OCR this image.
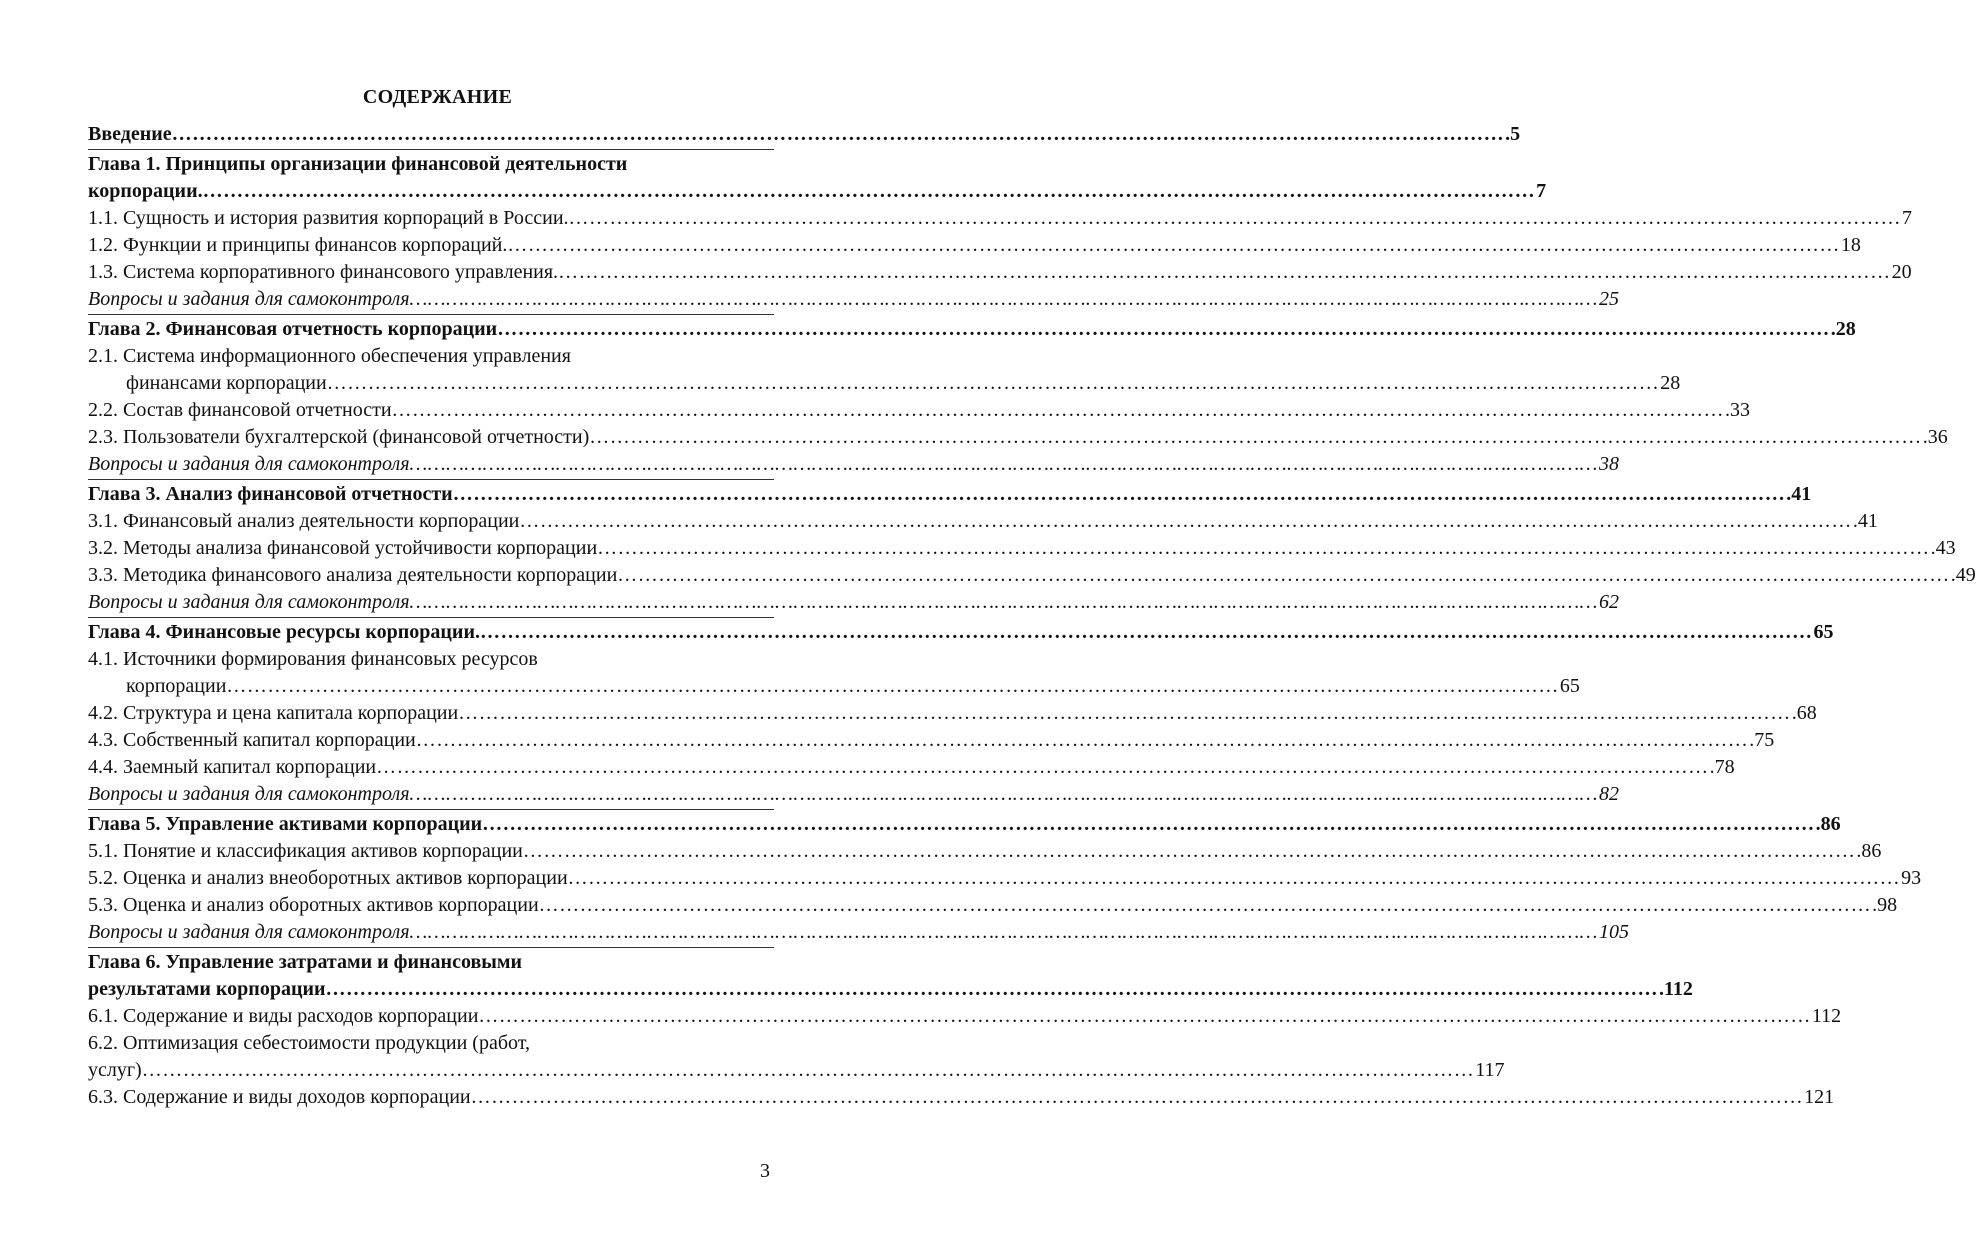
СОДЕРЖАНИЕ
Введение …………………………………………………………………………………………………………………………………………………………………………… .5
Глава 1. Принципы организации финансовой деятельности
корпорации. …………………………………………………………………………………………………………………………………………………………………………… 7
1.1. Сущность и история развития корпораций в России. …………………………………………………………………………………………………………………………………………………………………………… 7
1.2. Функции и принципы финансов корпораций. …………………………………………………………………………………………………………………………………………………………………………… 18
1.3. Система корпоративного финансового управления. …………………………………………………………………………………………………………………………………………………………………………… 20
Вопросы и задания для самоконтроля …………………………………………………………………………………………………………………………………………………………………………… 25
Глава 2. Финансовая отчетность корпорации …………………………………………………………………………………………………………………………………………………………………………… .28
2.1. Система информационного обеспечения управления
финансами корпорации …………………………………………………………………………………………………………………………………………………………………………… 28
2.2. Состав финансовой отчетности …………………………………………………………………………………………………………………………………………………………………………… .33
2.3. Пользователи бухгалтерской (финансовой отчетности) …………………………………………………………………………………………………………………………………………………………………………… .36
Вопросы и задания для самоконтроля …………………………………………………………………………………………………………………………………………………………………………… 38
Глава 3. Анализ финансовой отчетности …………………………………………………………………………………………………………………………………………………………………………… .41
3.1. Финансовый анализ деятельности корпорации …………………………………………………………………………………………………………………………………………………………………………… .41
3.2. Методы анализа финансовой устойчивости корпорации …………………………………………………………………………………………………………………………………………………………………………… .43
3.3. Методика финансового анализа деятельности корпорации …………………………………………………………………………………………………………………………………………………………………………… .49
Вопросы и задания для самоконтроля …………………………………………………………………………………………………………………………………………………………………………… 62
Глава 4. Финансовые ресурсы корпорации. …………………………………………………………………………………………………………………………………………………………………………… 65
4.1. Источники формирования финансовых ресурсов
корпорации …………………………………………………………………………………………………………………………………………………………………………… 65
4.2. Структура и цена капитала корпорации …………………………………………………………………………………………………………………………………………………………………………… .68
4.3. Собственный капитал корпорации …………………………………………………………………………………………………………………………………………………………………………… .75
4.4. Заемный капитал корпорации …………………………………………………………………………………………………………………………………………………………………………… .78
Вопросы и задания для самоконтроля …………………………………………………………………………………………………………………………………………………………………………… 82
Глава 5. Управление активами корпорации …………………………………………………………………………………………………………………………………………………………………………… .86
5.1. Понятие и классификация активов корпорации …………………………………………………………………………………………………………………………………………………………………………… .86
5.2. Оценка и анализ внеоборотных активов корпорации …………………………………………………………………………………………………………………………………………………………………………… 93
5.3. Оценка и анализ оборотных активов корпорации …………………………………………………………………………………………………………………………………………………………………………… .98
Вопросы и задания для самоконтроля …………………………………………………………………………………………………………………………………………………………………………… 105
Глава 6. Управление затратами и финансовыми
результатами корпорации …………………………………………………………………………………………………………………………………………………………………………… .112
6.1. Содержание и виды расходов корпорации …………………………………………………………………………………………………………………………………………………………………………… 112
6.2. Оптимизация себестоимости продукции (работ,
услуг) …………………………………………………………………………………………………………………………………………………………………………… 117
6.3. Содержание и виды доходов корпорации …………………………………………………………………………………………………………………………………………………………………………… 121
3
